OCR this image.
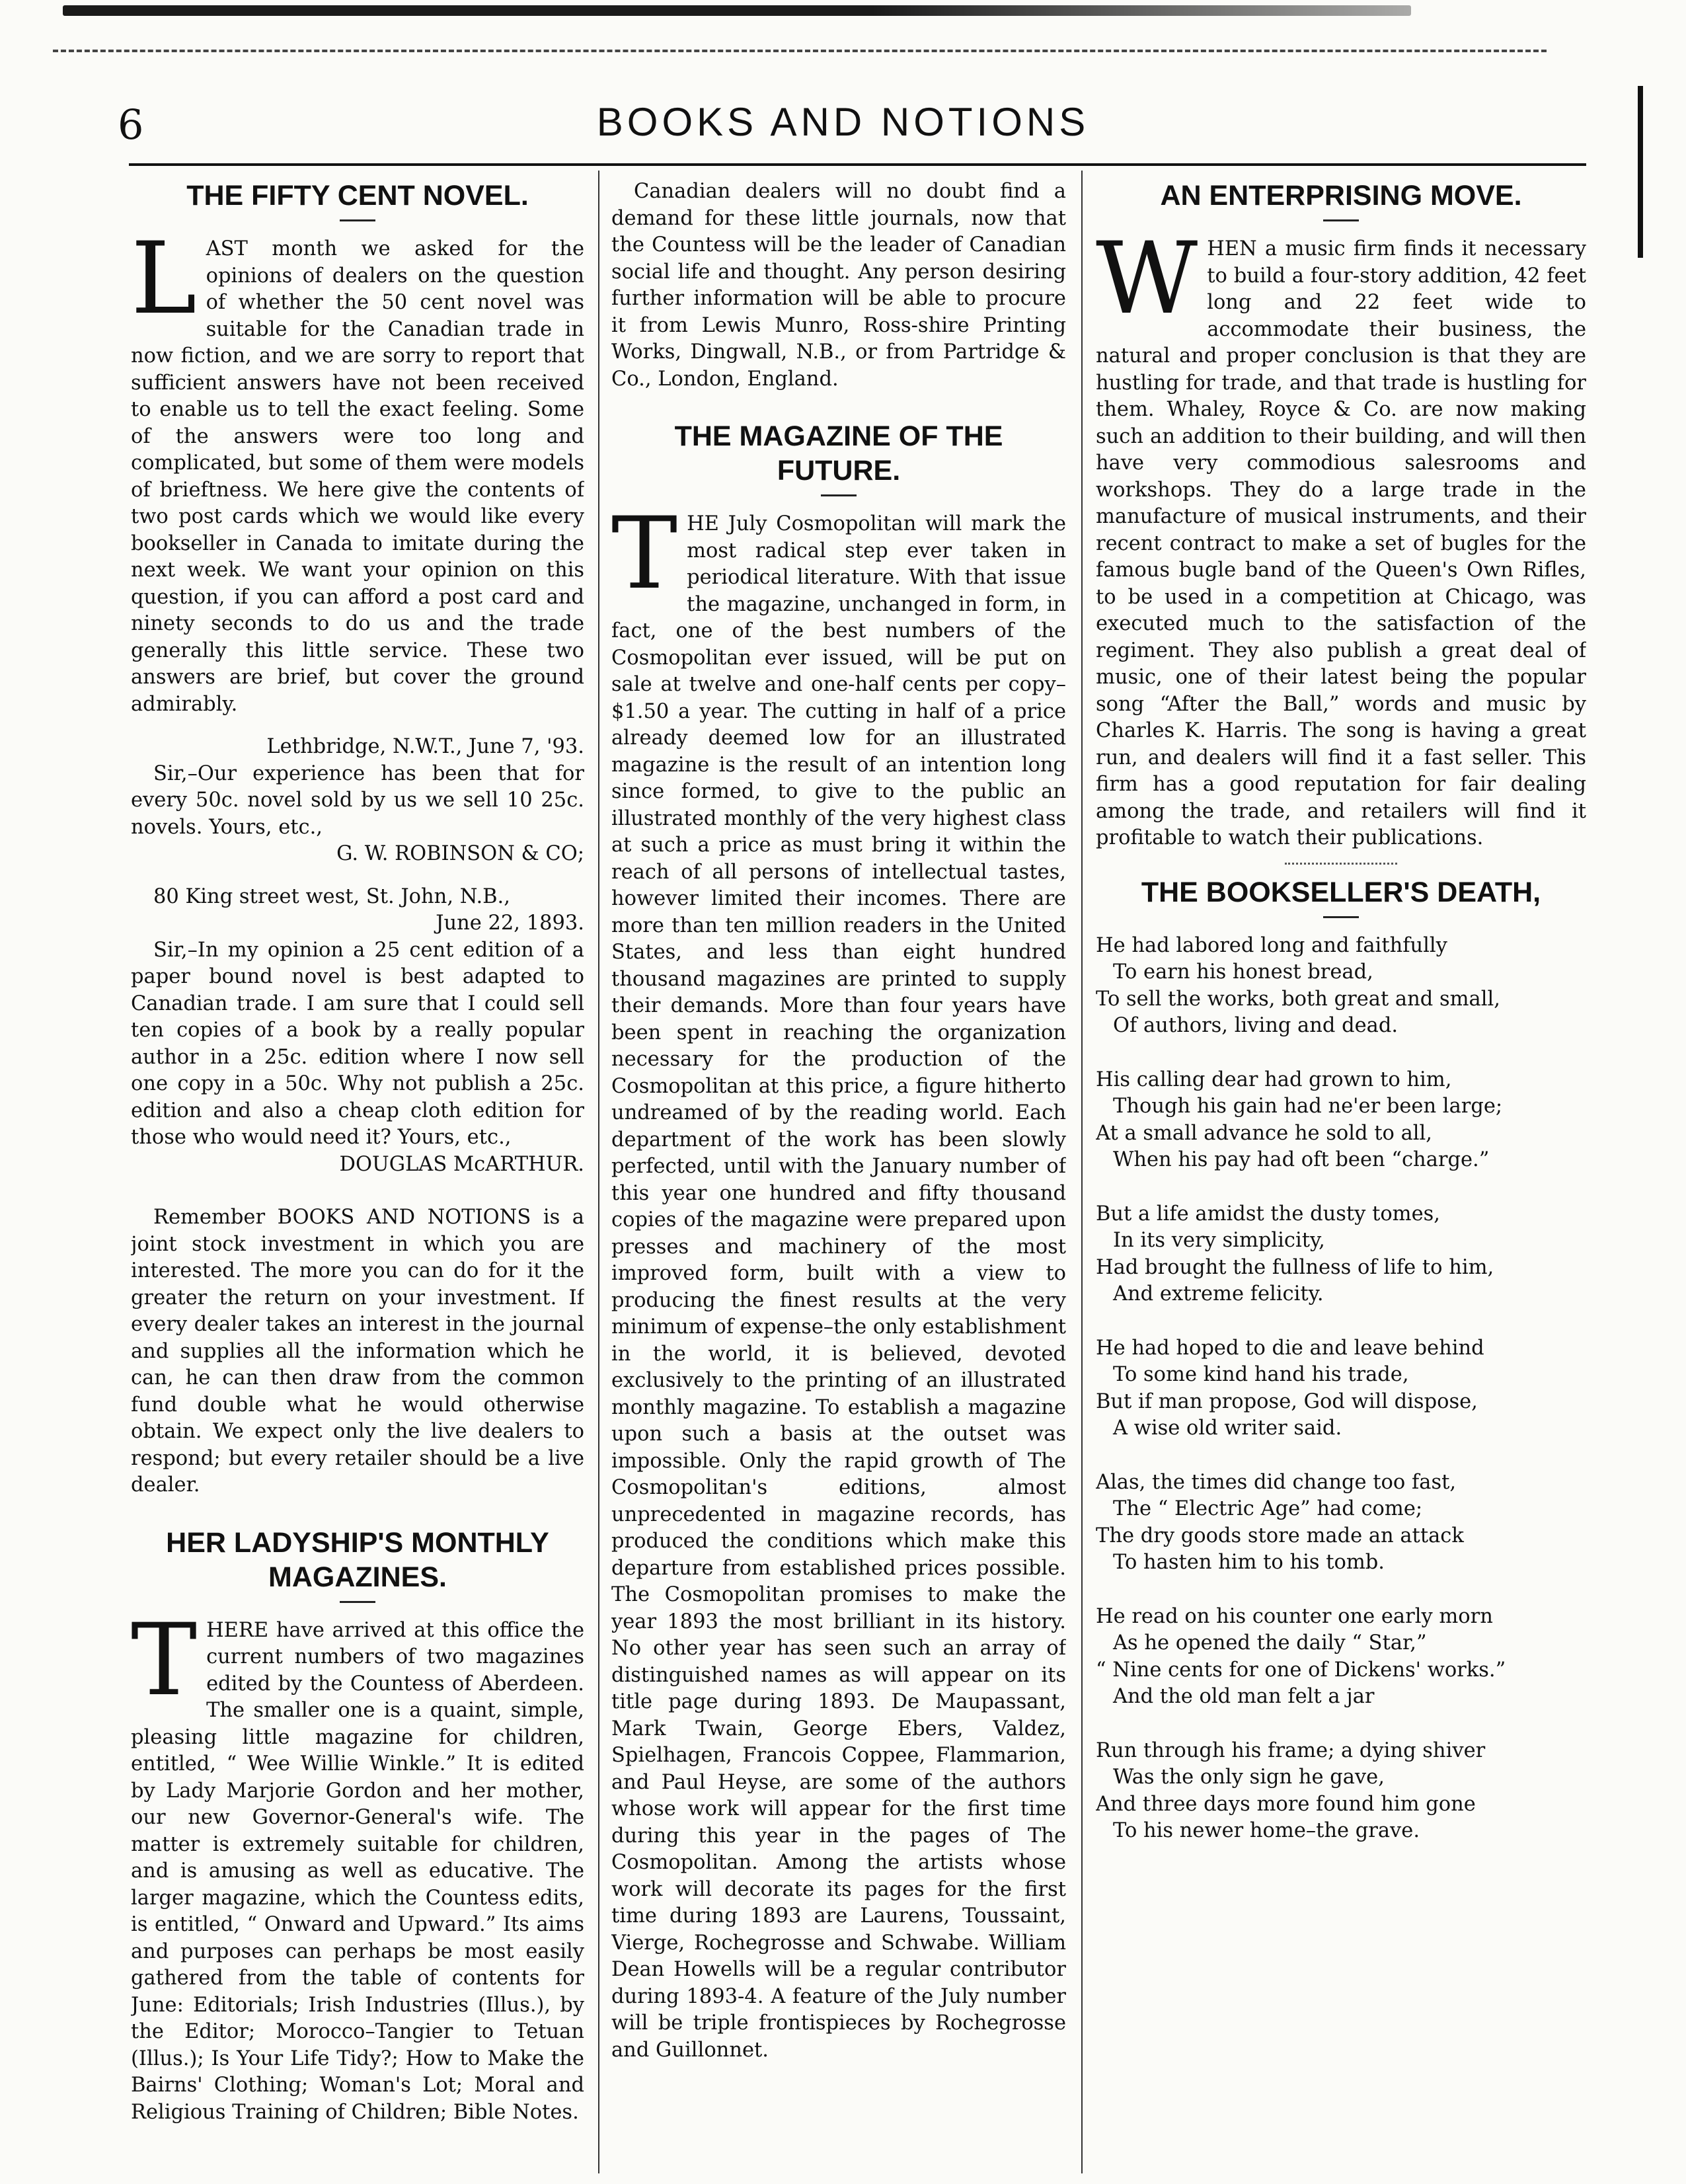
6	BOOKS AND NOTIONS
THE FIFTY CENT NOVEL.

LAST month we asked for the opinions of dealers on the question of whether the 50 cent novel was suitable for the Canadian trade in now fiction, and we are sorry to report that sufficient answers have not been received to enable us to tell the exact feeling. Some of the answers were too long and complicated, but some of them were models of brieftness. We here give the contents of two post cards which we would like every bookseller in Canada to imitate during the next week. We want your opinion on this question, if you can afford a post card and ninety seconds to do us and the trade generally this little service. These two answers are brief, but cover the ground admirably.

Lethbridge, N.W.T., June 7, '93.

Sir,–Our experience has been that for every 50c. novel sold by us we sell 10 25c. novels. Yours, etc.,

G. W. ROBINSON & CO;

80 King street west, St. John, N.B.,

June 22, 1893.

Sir,–In my opinion a 25 cent edition of a paper bound novel is best adapted to Canadian trade. I am sure that I could sell ten copies of a book by a really popular author in a 25c. edition where I now sell one copy in a 50c. Why not publish a 25c. edition and also a cheap cloth edition for those who would need it? Yours, etc.,

DOUGLAS McARTHUR.

Remember BOOKS AND NOTIONS is a joint stock investment in which you are interested. The more you can do for it the greater the return on your investment. If every dealer takes an interest in the journal and supplies all the information which he can, he can then draw from the common fund double what he would otherwise obtain. We expect only the live dealers to respond; but every retailer should be a live dealer.

HER LADYSHIP'S MONTHLY MAGAZINES.

THERE have arrived at this office the current numbers of two magazines edited by the Countess of Aberdeen. The smaller one is a quaint, simple, pleasing little magazine for children, entitled, “ Wee Willie Winkle.” It is edited by Lady Marjorie Gordon and her mother, our new Governor-General's wife. The matter is extremely suitable for children, and is amusing as well as educative. The larger magazine, which the Countess edits, is entitled, “ Onward and Upward.” Its aims and purposes can perhaps be most easily gathered from the table of contents for June: Editorials; Irish Industries (Illus.), by the Editor; Morocco–Tangier to Tetuan (Illus.); Is Your Life Tidy?; How to Make the Bairns' Clothing; Woman's Lot; Moral and Religious Training of Children; Bible Notes.

Canadian dealers will no doubt find a demand for these little journals, now that the Countess will be the leader of Canadian social life and thought. Any person desiring further information will be able to procure it from Lewis Munro, Ross-shire Printing Works, Dingwall, N.B., or from Partridge & Co., London, England.

THE MAGAZINE OF THE FUTURE.

THE July Cosmopolitan will mark the most radical step ever taken in periodical literature. With that issue the magazine, unchanged in form, in fact, one of the best numbers of the Cosmopolitan ever issued, will be put on sale at twelve and one-half cents per copy–$1.50 a year. The cutting in half of a price already deemed low for an illustrated magazine is the result of an intention long since formed, to give to the public an illustrated monthly of the very highest class at such a price as must bring it within the reach of all persons of intellectual tastes, however limited their incomes. There are more than ten million readers in the United States, and less than eight hundred thousand magazines are printed to supply their demands. More than four years have been spent in reaching the organization necessary for the production of the Cosmopolitan at this price, a figure hitherto undreamed of by the reading world. Each department of the work has been slowly perfected, until with the January number of this year one hundred and fifty thousand copies of the magazine were prepared upon presses and machinery of the most improved form, built with a view to producing the finest results at the very minimum of expense–the only establishment in the world, it is believed, devoted exclusively to the printing of an illustrated monthly magazine. To establish a magazine upon such a basis at the outset was impossible. Only the rapid growth of The Cosmopolitan's editions, almost unprecedented in magazine records, has produced the conditions which make this departure from established prices possible. The Cosmopolitan promises to make the year 1893 the most brilliant in its history. No other year has seen such an array of distinguished names as will appear on its title page during 1893. De Maupassant, Mark Twain, George Ebers, Valdez, Spielhagen, Francois Coppee, Flammarion, and Paul Heyse, are some of the authors whose work will appear for the first time during this year in the pages of The Cosmopolitan. Among the artists whose work will decorate its pages for the first time during 1893 are Laurens, Toussaint, Vierge, Rochegrosse and Schwabe. William Dean Howells will be a regular contributor during 1893-4. A feature of the July number will be triple frontispieces by Rochegrosse and Guillonnet.

AN ENTERPRISING MOVE.

WHEN a music firm finds it necessary to build a four-story addition, 42 feet long and 22 feet wide to accommodate their business, the natural and proper conclusion is that they are hustling for trade, and that trade is hustling for them. Whaley, Royce & Co. are now making such an addition to their building, and will then have very commodious salesrooms and workshops. They do a large trade in the manufacture of musical instruments, and their recent contract to make a set of bugles for the famous bugle band of the Queen's Own Rifles, to be used in a competition at Chicago, was executed much to the satisfaction of the regiment. They also publish a great deal of music, one of their latest being the popular song “After the Ball,” words and music by Charles K. Harris. The song is having a great run, and dealers will find it a fast seller. This firm has a good reputation for fair dealing among the trade, and retailers will find it profitable to watch their publications.

THE BOOKSELLER'S DEATH,
He had labored long and faithfully
To earn his honest bread,
To sell the works, both great and small,
Of authors, living and dead.
His calling dear had grown to him,
Though his gain had ne'er been large;
At a small advance he sold to all,
When his pay had oft been “charge.”
But a life amidst the dusty tomes,
In its very simplicity,
Had brought the fullness of life to him,
And extreme felicity.
He had hoped to die and leave behind
To some kind hand his trade,
But if man propose, God will dispose,
A wise old writer said.
Alas, the times did change too fast,
The “ Electric Age” had come;
The dry goods store made an attack
To hasten him to his tomb.
He read on his counter one early morn
As he opened the daily “ Star,”
“ Nine cents for one of Dickens' works.”
And the old man felt a jar
Run through his frame; a dying shiver
Was the only sign he gave,
And three days more found him gone
To his newer home–the grave.
